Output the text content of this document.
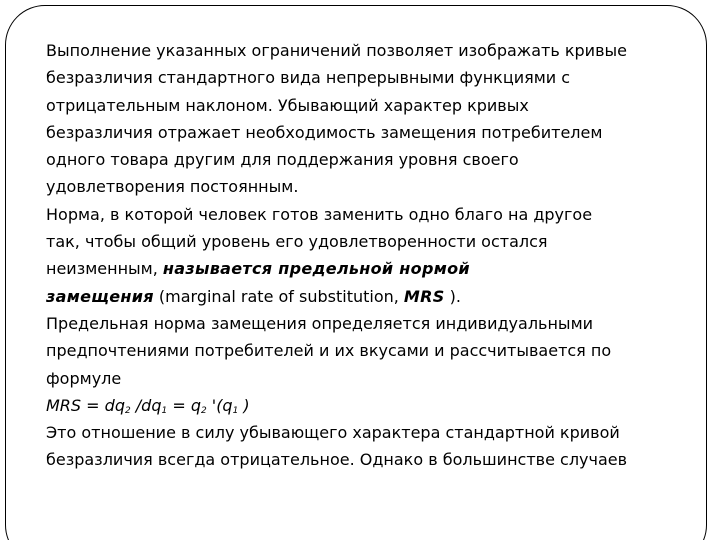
Выполнение указанных ограничений позволяет изображать кривые

безразличия стандартного вида непрерывными функциями с

отрицательным наклоном. Убывающий характер кривых

безразличия отражает необходимость замещения потребителем

одного товара другим для поддержания уровня своего

удовлетворения постоянным.

Норма, в которой человек готов заменить одно благо на другое

так, чтобы общий уровень его удовлетворенности остался

неизменным, называется предельной нормой

замещения (marginal rate of substitution, MRS ).

Предельная норма замещения определяется индивидуальными

предпочтениями потребителей и их вкусами и рассчитывается по

формуле

MRS = $dq_2$ $/dq_1 = q_2$ '($q_1$ )

Это отношение в силу убывающего характера стандартной кривой

безразличия всегда отрицательное. Однако в большинстве случаев
